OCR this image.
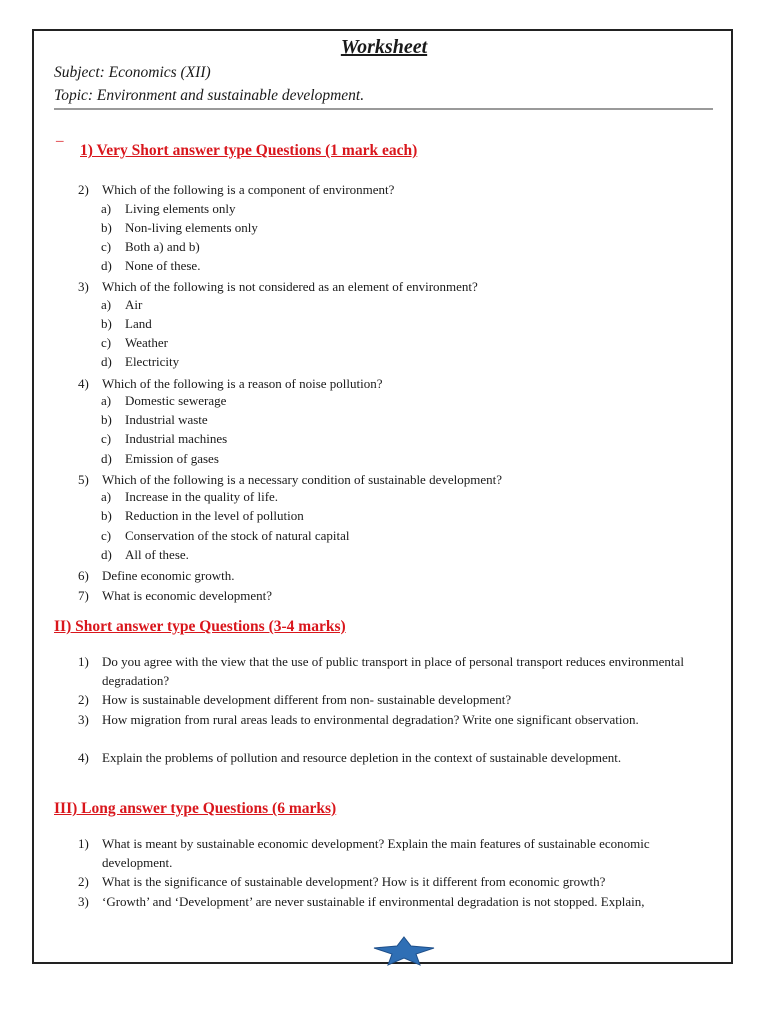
Worksheet
Subject: Economics (XII)
Topic: Environment and sustainable development.
_
1) Very Short answer type Questions (1 mark each)
2) Which of the following is a component of environment?
a) Living elements only
b) Non-living elements only
c) Both a) and b)
d) None of these.
3) Which of the following is not considered as an element of environment?
a) Air
b) Land
c) Weather
d) Electricity
4) Which of the following is a reason of noise pollution?
a) Domestic sewerage
b) Industrial waste
c) Industrial machines
d) Emission of gases
5) Which of the following is a necessary condition of sustainable development?
a) Increase in the quality of life.
b) Reduction in the level of pollution
c) Conservation of the stock of natural capital
d) All of these.
6) Define economic growth.
7) What is economic development?
II) Short answer type Questions (3-4 marks)
1) Do you agree with the view that the use of public transport in place of personal transport reduces environmental degradation?
2) How is sustainable development different from non- sustainable development?
3) How migration from rural areas leads to environmental degradation? Write one significant observation.
4) Explain the problems of pollution and resource depletion in the context of sustainable development.
III) Long answer type Questions (6 marks)
1) What is meant by sustainable economic development? Explain the main features of sustainable economic development.
2) What is the significance of sustainable development? How is it different from economic growth?
3) ‘Growth’ and ‘Development’ are never sustainable if environmental degradation is not stopped. Explain,
